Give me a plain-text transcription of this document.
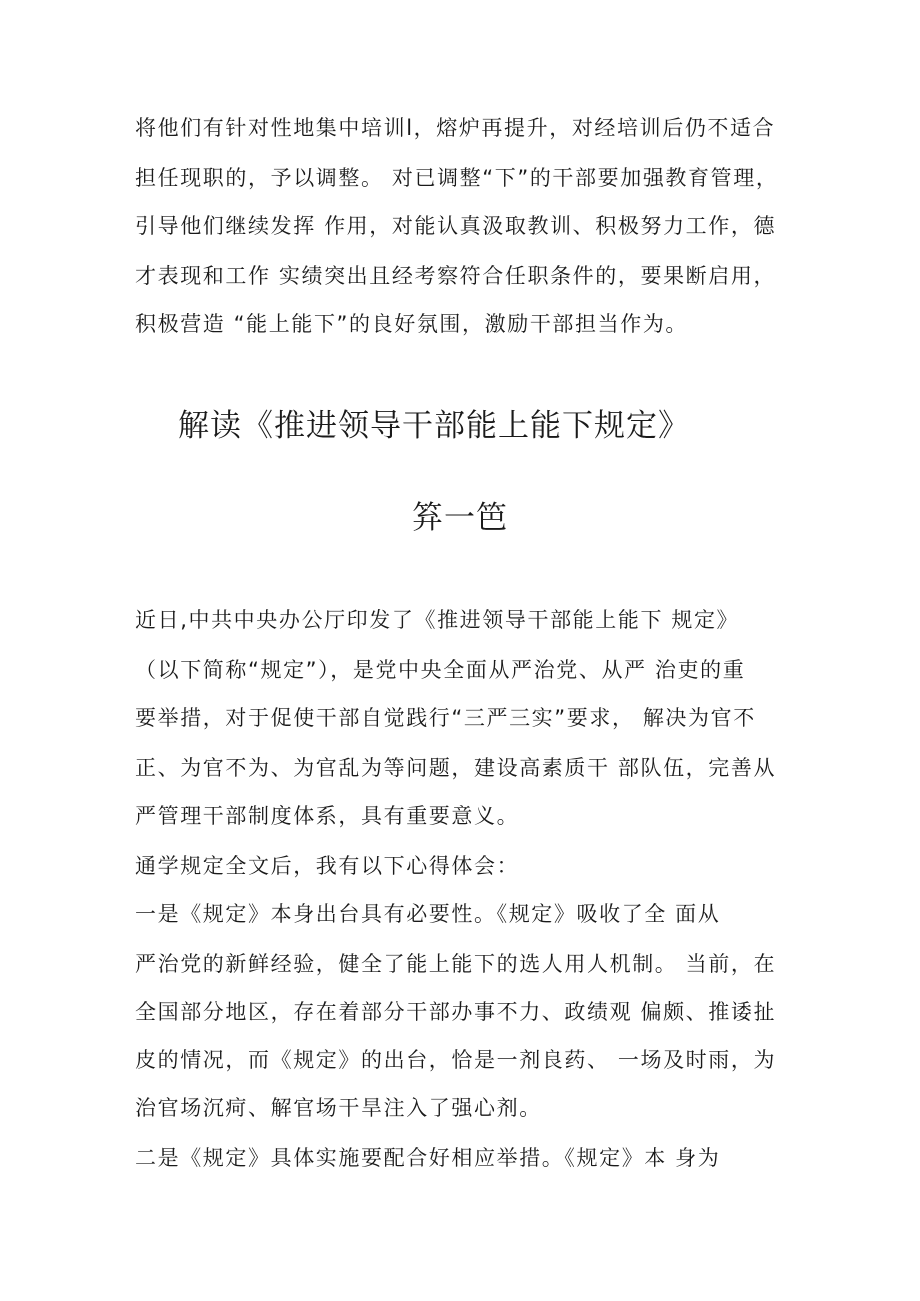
将他们有针对性地集中培训l，熔炉再提升，对经培训后仍不适合
担任现职的，予以调整。 对已调整“下”的干部要加强教育管理，
引导他们继续发挥 作用，对能认真汲取教训、积极努力工作，德
才表现和工作 实绩突出且经考察符合任职条件的，要果断启用，
积极营造 “能上能下”的良好氛围，激励干部担当作为。
解读《推进领导干部能上能下规定》
笲一笆
近日,中共中央办公厅印发了《推进领导干部能上能下 规定》
（以下简称“规定”），是党中央全面从严治党、从严 治吏的重
要举措，对于促使干部自觉践行“三严三实”要求， 解决为官不
正、为官不为、为官乱为等问题，建设高素质干 部队伍，完善从
严管理干部制度体系，具有重要意义。
通学规定全文后，我有以下心得体会：
一是《规定》本身出台具有必要性。《规定》吸收了全 面从
严治党的新鲜经验，健全了能上能下的选人用人机制。 当前，在
全国部分地区，存在着部分干部办事不力、政绩观 偏颇、推诿扯
皮的情况，而《规定》的出台，恰是一剂良药、 一场及时雨，为
治官场沉疴、解官场干旱注入了强心剂。
二是《规定》具体实施要配合好相应举措。《规定》本 身为
